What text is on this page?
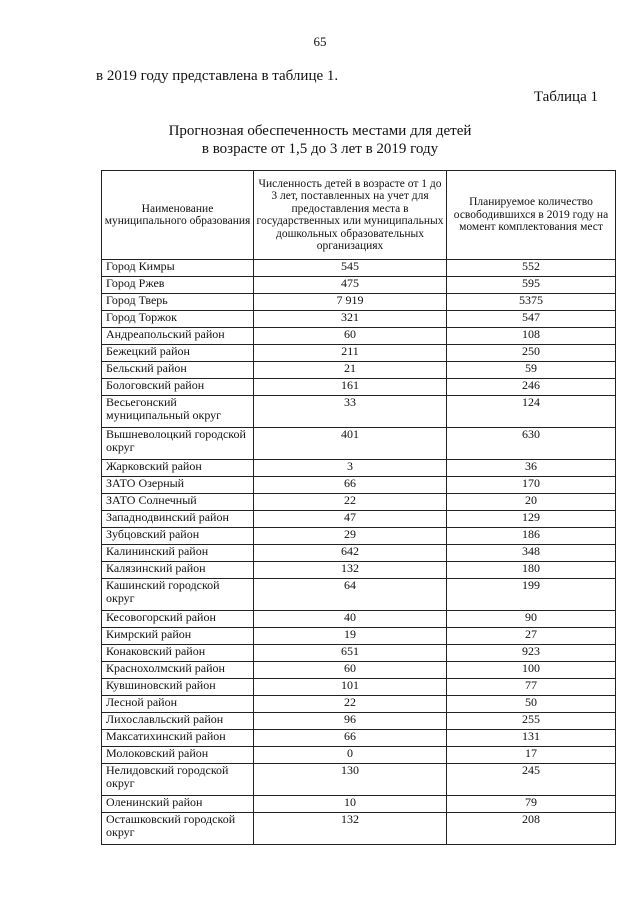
65
в 2019 году представлена в таблице 1.
Таблица 1
Прогнозная обеспеченность местами для детей
в возрасте от 1,5 до 3 лет в 2019 году
Наименование муниципального образования	Численность детей в возрасте от 1 до 3 лет, поставленных на учет для предоставления места в государственных или муниципальных дошкольных образовательных организациях	Планируемое количество освободившихся в 2019 году на момент комплектования мест
Город Кимры	545	552
Город Ржев	475	595
Город Тверь	7 919	5375
Город Торжок	321	547
Андреапольский район	60	108
Бежецкий район	211	250
Бельский район	21	59
Бологовский район	161	246
Весьегонский муниципальный округ	33	124
Вышневолоцкий городской округ	401	630
Жарковский район	3	36
ЗАТО Озерный	66	170
ЗАТО Солнечный	22	20
Западнодвинский район	47	129
Зубцовский район	29	186
Калининский район	642	348
Калязинский район	132	180
Кашинский городской округ	64	199
Кесовогорский район	40	90
Кимрский район	19	27
Конаковский район	651	923
Краснохолмский район	60	100
Кувшиновский район	101	77
Лесной район	22	50
Лихославльский район	96	255
Максатихинский район	66	131
Молоковский район	0	17
Нелидовский городской округ	130	245
Оленинский район	10	79
Осташковский городской округ	132	208
